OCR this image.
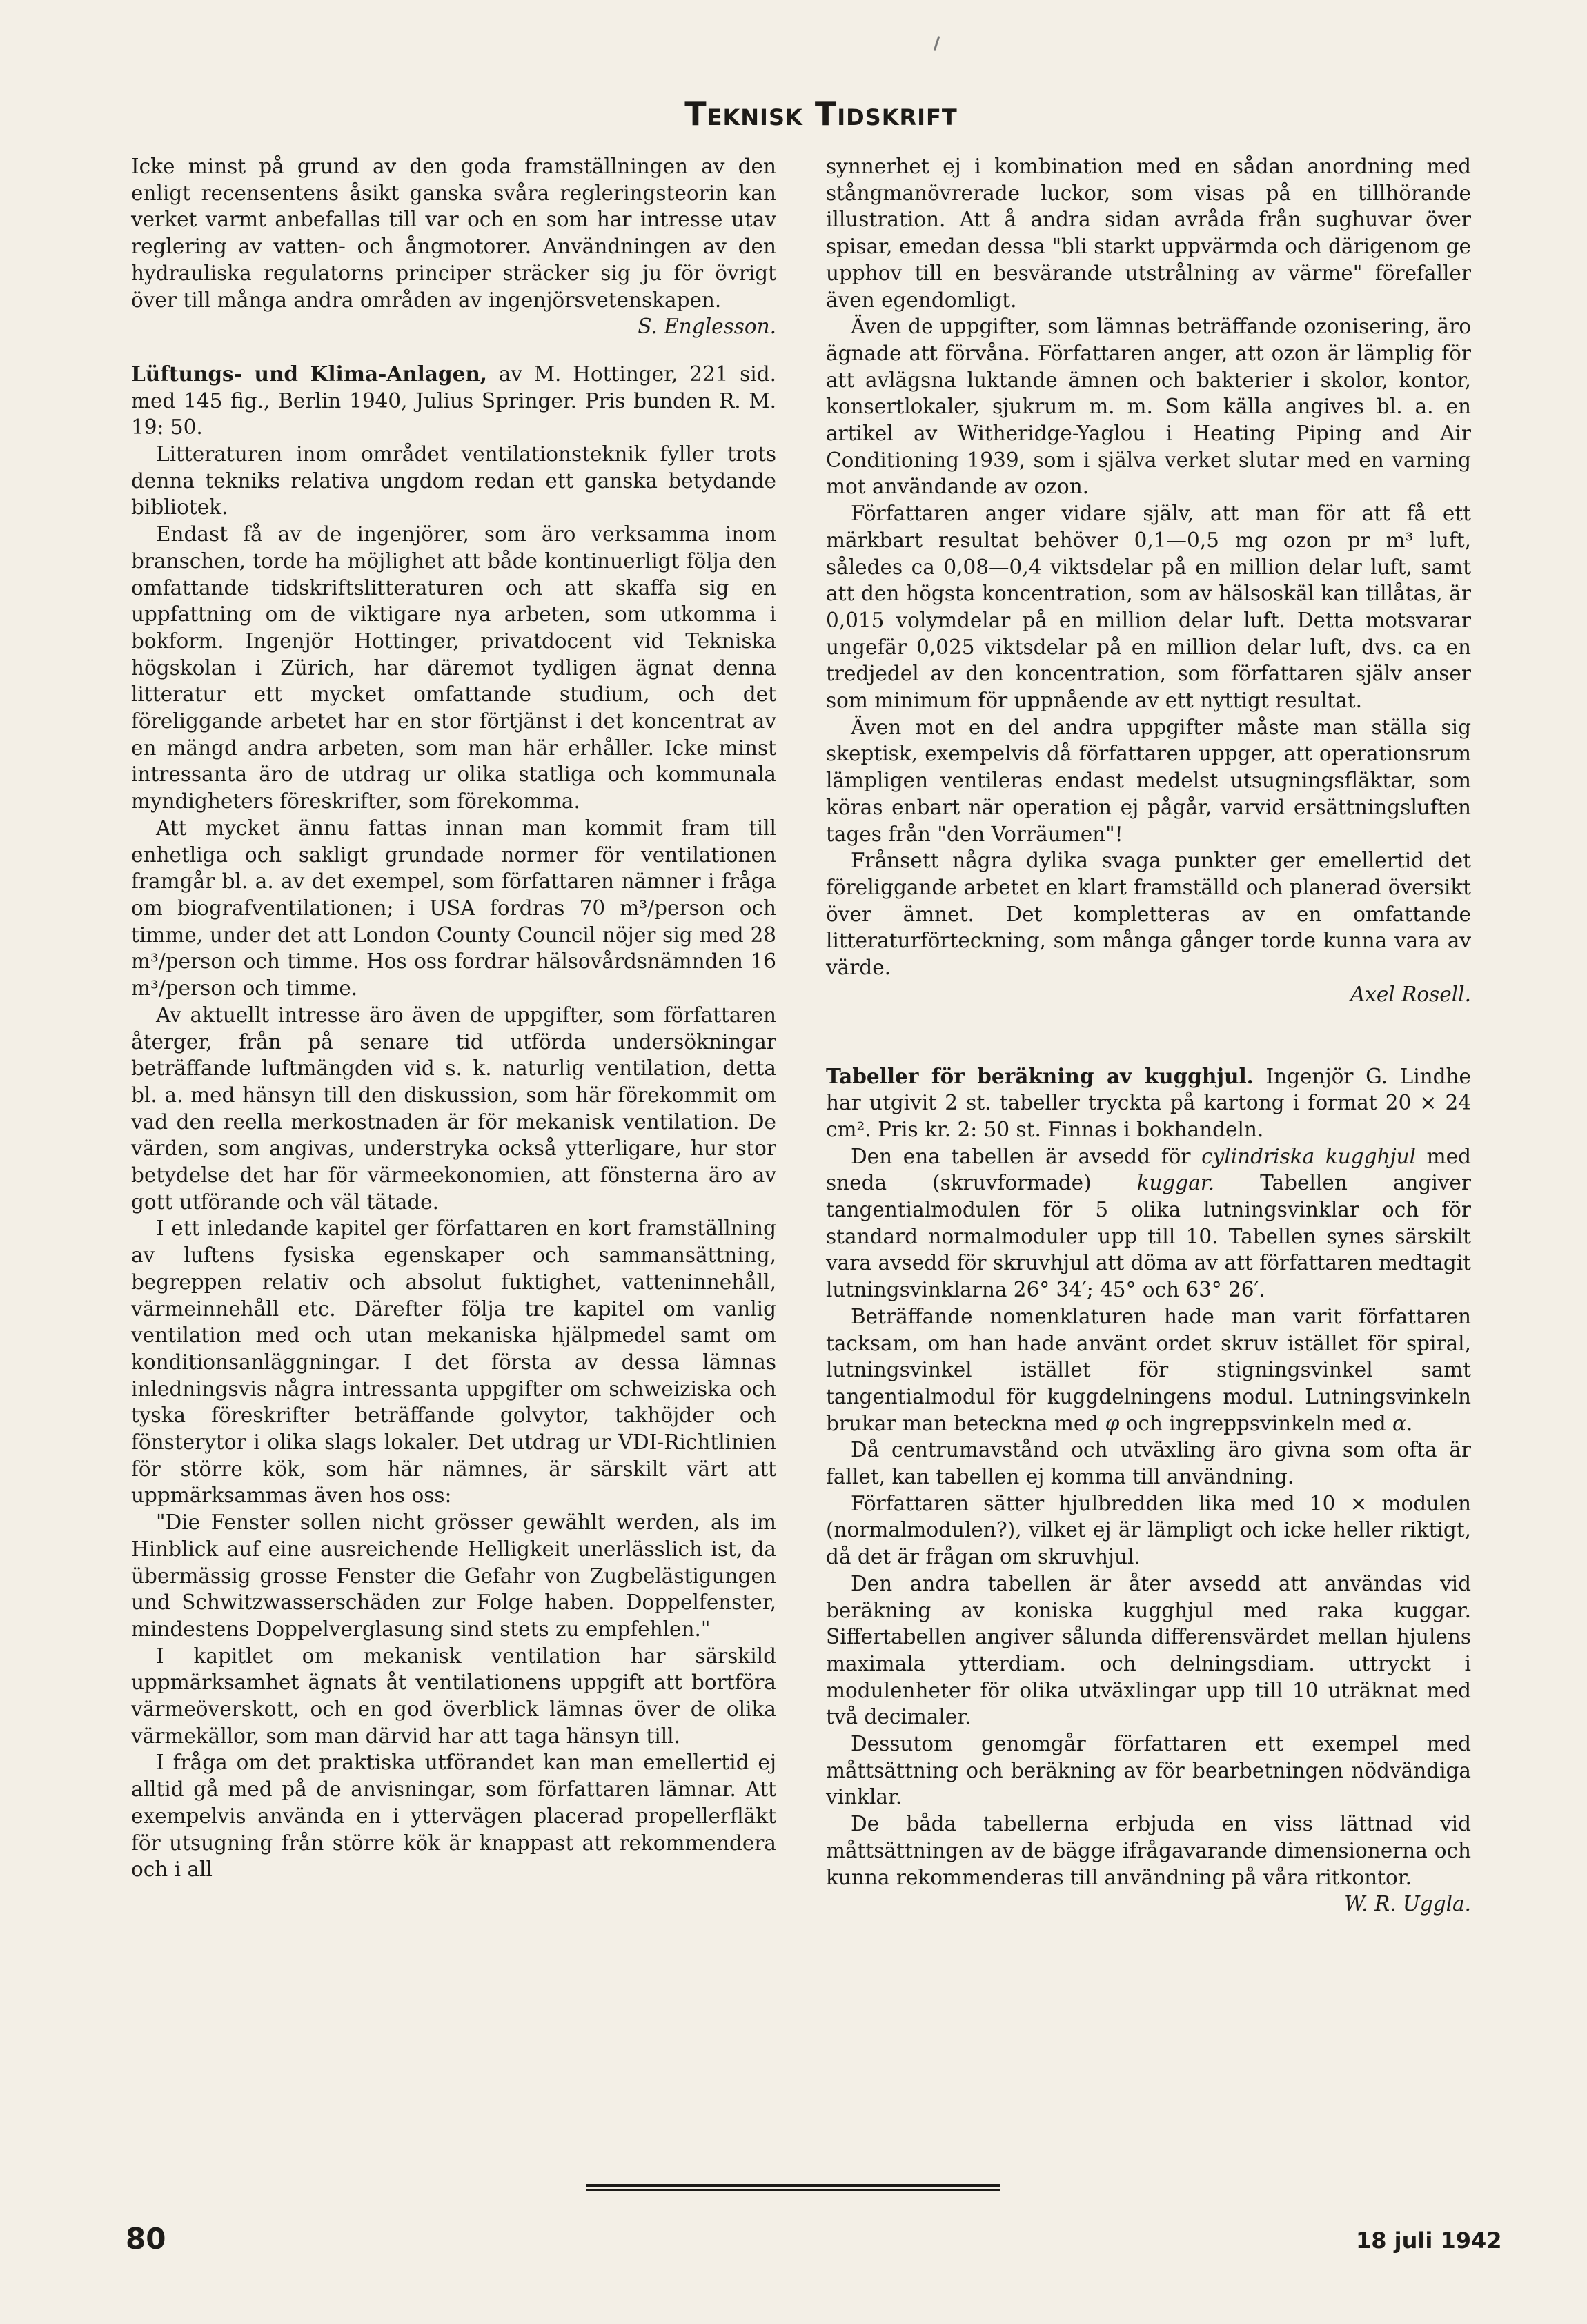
Teknisk Tidskrift

Icke minst på grund av den goda framställningen av den enligt recensentens åsikt ganska svåra regleringsteorin kan verket varmt anbefallas till var och en som har intresse utav reglering av vatten- och ångmotorer. Användningen av den hydrauliska regulatorns principer sträcker sig ju för övrigt över till många andra områden av ingenjörsvetenskapen.

S. Englesson.

Lüftungs- und Klima-Anlagen, av M. Hottinger, 221 sid. med 145 fig., Berlin 1940, Julius Springer. Pris bunden R. M. 19: 50.

Litteraturen inom området ventilationsteknik fyller trots denna tekniks relativa ungdom redan ett ganska betydande bibliotek.

Endast få av de ingenjörer, som äro verksamma inom branschen, torde ha möjlighet att både kontinuerligt följa den omfattande tidskriftslitteraturen och att skaffa sig en uppfattning om de viktigare nya arbeten, som utkomma i bokform. Ingenjör Hottinger, privatdocent vid Tekniska högskolan i Zürich, har däremot tydligen ägnat denna litteratur ett mycket omfattande studium, och det föreliggande arbetet har en stor förtjänst i det koncentrat av en mängd andra arbeten, som man här erhåller. Icke minst intressanta äro de utdrag ur olika statliga och kommunala myndigheters föreskrifter, som förekomma.

Att mycket ännu fattas innan man kommit fram till enhetliga och sakligt grundade normer för ventilationen framgår bl. a. av det exempel, som författaren nämner i fråga om biografventilationen; i USA fordras 70 m³/person och timme, under det att London County Council nöjer sig med 28 m³/person och timme. Hos oss fordrar hälsovårdsnämnden 16 m³/person och timme.

Av aktuellt intresse äro även de uppgifter, som författaren återger, från på senare tid utförda undersökningar beträffande luftmängden vid s. k. naturlig ventilation, detta bl. a. med hänsyn till den diskussion, som här förekommit om vad den reella merkostnaden är för mekanisk ventilation. De värden, som angivas, understryka också ytterligare, hur stor betydelse det har för värmeekonomien, att fönsterna äro av gott utförande och väl tätade.

I ett inledande kapitel ger författaren en kort framställning av luftens fysiska egenskaper och sammansättning, begreppen relativ och absolut fuktighet, vatteninnehåll, värmeinnehåll etc. Därefter följa tre kapitel om vanlig ventilation med och utan mekaniska hjälpmedel samt om konditionsanläggningar. I det första av dessa lämnas inledningsvis några intressanta uppgifter om schweiziska och tyska föreskrifter beträffande golvytor, takhöjder och fönsterytor i olika slags lokaler. Det utdrag ur VDI-Richtlinien för större kök, som här nämnes, är särskilt värt att uppmärksammas även hos oss:

"Die Fenster sollen nicht grösser gewählt werden, als im Hinblick auf eine ausreichende Helligkeit unerlässlich ist, da übermässig grosse Fenster die Gefahr von Zugbelästigungen und Schwitzwasserschäden zur Folge haben. Doppelfenster, mindestens Doppelverglasung sind stets zu empfehlen."

I kapitlet om mekanisk ventilation har särskild uppmärksamhet ägnats åt ventilationens uppgift att bortföra värmeöverskott, och en god överblick lämnas över de olika värmekällor, som man därvid har att taga hänsyn till.

I fråga om det praktiska utförandet kan man emellertid ej alltid gå med på de anvisningar, som författaren lämnar. Att exempelvis använda en i yttervägen placerad propellerfläkt för utsugning från större kök är knappast att rekommendera och i all

synnerhet ej i kombination med en sådan anordning med stångmanövrerade luckor, som visas på en tillhörande illustration. Att å andra sidan avråda från sughuvar över spisar, emedan dessa "bli starkt uppvärmda och därigenom ge upphov till en besvärande utstrålning av värme" förefaller även egendomligt.

Även de uppgifter, som lämnas beträffande ozonisering, äro ägnade att förvåna. Författaren anger, att ozon är lämplig för att avlägsna luktande ämnen och bakterier i skolor, kontor, konsertlokaler, sjukrum m. m. Som källa angives bl. a. en artikel av Witheridge-Yaglou i Heating Piping and Air Conditioning 1939, som i själva verket slutar med en varning mot användande av ozon.

Författaren anger vidare själv, att man för att få ett märkbart resultat behöver 0,1—0,5 mg ozon pr m³ luft, således ca 0,08—0,4 viktsdelar på en million delar luft, samt att den högsta koncentration, som av hälsoskäl kan tillåtas, är 0,015 volymdelar på en million delar luft. Detta motsvarar ungefär 0,025 viktsdelar på en million delar luft, dvs. ca en tredjedel av den koncentration, som författaren själv anser som minimum för uppnående av ett nyttigt resultat.

Även mot en del andra uppgifter måste man ställa sig skeptisk, exempelvis då författaren uppger, att operationsrum lämpligen ventileras endast medelst utsugningsfläktar, som köras enbart när operation ej pågår, varvid ersättningsluften tages från "den Vorräumen"!

Frånsett några dylika svaga punkter ger emellertid det föreliggande arbetet en klart framställd och planerad översikt över ämnet. Det kompletteras av en omfattande litteraturförteckning, som många gånger torde kunna vara av värde.

Axel Rosell.

Tabeller för beräkning av kugghjul. Ingenjör G. Lindhe har utgivit 2 st. tabeller tryckta på kartong i format 20 × 24 cm². Pris kr. 2: 50 st. Finnas i bokhandeln.

Den ena tabellen är avsedd för cylindriska kugghjul med sneda (skruvformade) kuggar. Tabellen angiver tangentialmodulen för 5 olika lutningsvinklar och för standard normalmoduler upp till 10. Tabellen synes särskilt vara avsedd för skruvhjul att döma av att författaren medtagit lutningsvinklarna 26° 34′; 45° och 63° 26′.

Beträffande nomenklaturen hade man varit författaren tacksam, om han hade använt ordet skruv istället för spiral, lutningsvinkel istället för stigningsvinkel samt tangentialmodul för kuggdelningens modul. Lutningsvinkeln brukar man beteckna med φ och ingreppsvinkeln med α.

Då centrumavstånd och utväxling äro givna som ofta är fallet, kan tabellen ej komma till användning.

Författaren sätter hjulbredden lika med 10 × modulen (normalmodulen?), vilket ej är lämpligt och icke heller riktigt, då det är frågan om skruvhjul.

Den andra tabellen är åter avsedd att användas vid beräkning av koniska kugghjul med raka kuggar. Siffertabellen angiver sålunda differensvärdet mellan hjulens maximala ytterdiam. och delningsdiam. uttryckt i modulenheter för olika utväxlingar upp till 10 uträknat med två decimaler.

Dessutom genomgår författaren ett exempel med måttsättning och beräkning av för bearbetningen nödvändiga vinklar.

De båda tabellerna erbjuda en viss lättnad vid måttsättningen av de bägge ifrågavarande dimensionerna och kunna rekommenderas till användning på våra ritkontor.

W. R. Uggla.

80	18 juli 1942
